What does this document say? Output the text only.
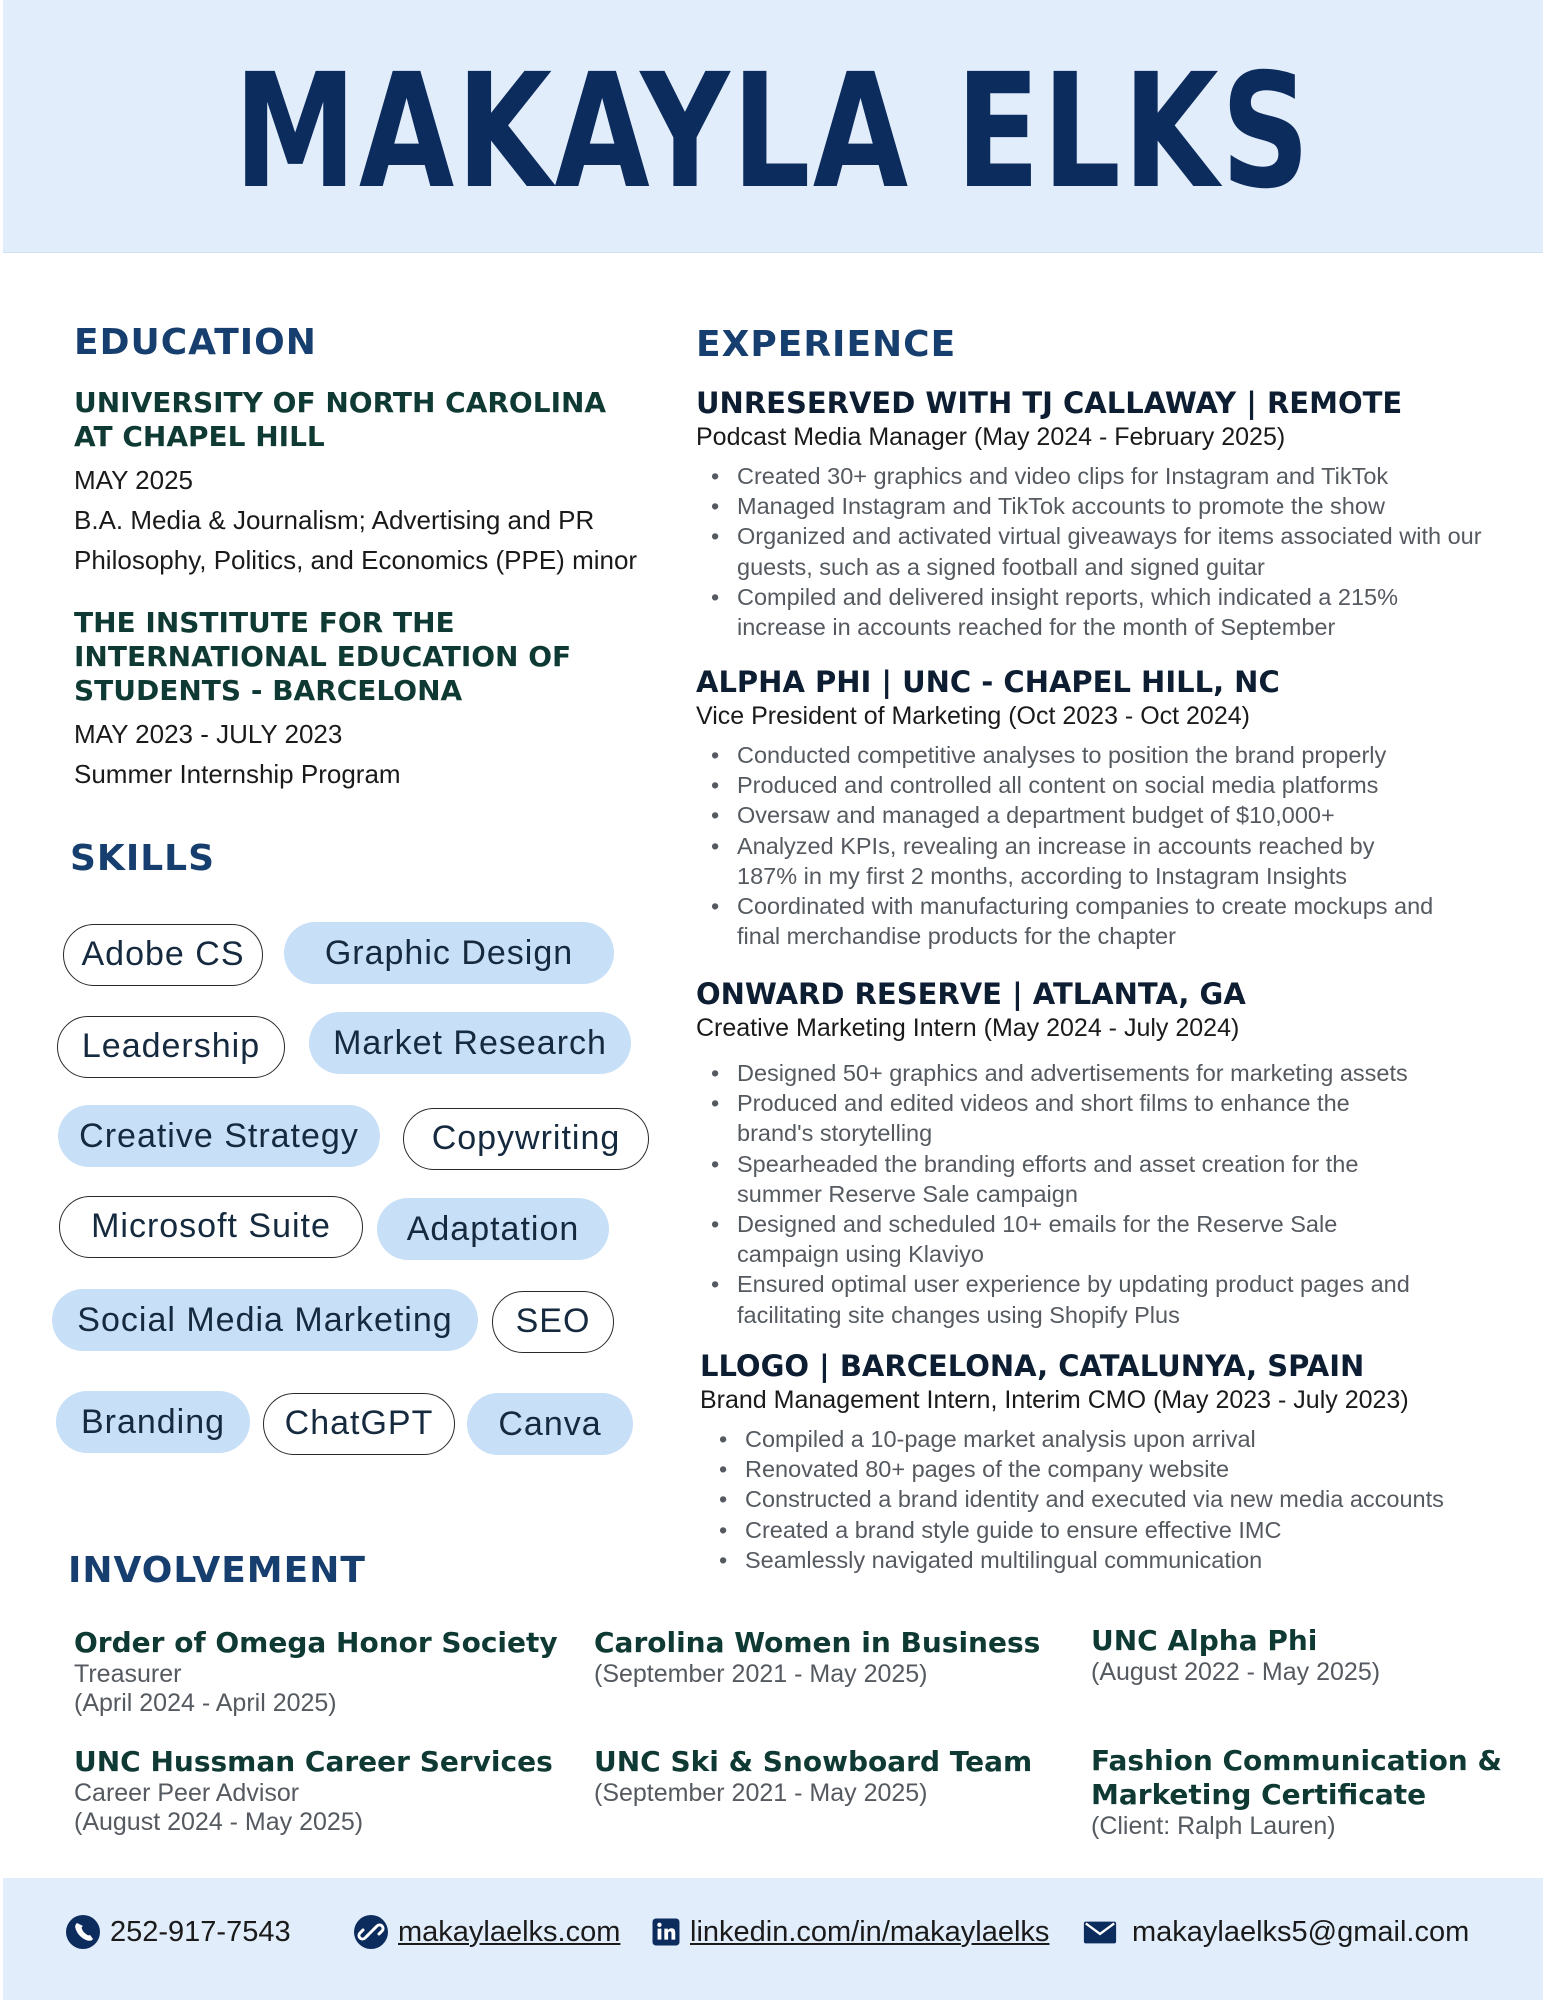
MAKAYLA ELKS
EDUCATION
UNIVERSITY OF NORTH CAROLINA AT CHAPEL HILL
MAY 2025
B.A. Media & Journalism; Advertising and PR
Philosophy, Politics, and Economics (PPE) minor
THE INSTITUTE FOR THE INTERNATIONAL EDUCATION OF STUDENTS - BARCELONA
MAY 2023 - JULY 2023
Summer Internship Program
SKILLS
Adobe CS	Graphic Design
Leadership	Market Research
Creative Strategy	Copywriting
Microsoft Suite	Adaptation
Social Media Marketing	SEO
Branding	ChatGPT	Canva
EXPERIENCE
UNRESERVED WITH TJ CALLAWAY | REMOTE
Podcast Media Manager (May 2024 - February 2025)
• Created 30+ graphics and video clips for Instagram and TikTok
• Managed Instagram and TikTok accounts to promote the show
• Organized and activated virtual giveaways for items associated with our guests, such as a signed football and signed guitar
• Compiled and delivered insight reports, which indicated a 215% increase in accounts reached for the month of September
ALPHA PHI | UNC - CHAPEL HILL, NC
Vice President of Marketing (Oct 2023 - Oct 2024)
• Conducted competitive analyses to position the brand properly
• Produced and controlled all content on social media platforms
• Oversaw and managed a department budget of $10,000+
• Analyzed KPIs, revealing an increase in accounts reached by 187% in my first 2 months, according to Instagram Insights
• Coordinated with manufacturing companies to create mockups and final merchandise products for the chapter
ONWARD RESERVE | ATLANTA, GA
Creative Marketing Intern (May 2024 - July 2024)
• Designed 50+ graphics and advertisements for marketing assets
• Produced and edited videos and short films to enhance the brand's storytelling
• Spearheaded the branding efforts and asset creation for the summer Reserve Sale campaign
• Designed and scheduled 10+ emails for the Reserve Sale campaign using Klaviyo
• Ensured optimal user experience by updating product pages and facilitating site changes using Shopify Plus
LLOGO | BARCELONA, CATALUNYA, SPAIN
Brand Management Intern, Interim CMO (May 2023 - July 2023)
• Compiled a 10-page market analysis upon arrival
• Renovated 80+ pages of the company website
• Constructed a brand identity and executed via new media accounts
• Created a brand style guide to ensure effective IMC
• Seamlessly navigated multilingual communication
INVOLVEMENT
Order of Omega Honor Society
Treasurer
(April 2024 - April 2025)
Carolina Women in Business
(September 2021 - May 2025)
UNC Alpha Phi
(August 2022 - May 2025)
UNC Hussman Career Services
Career Peer Advisor
(August 2024 - May 2025)
UNC Ski & Snowboard Team
(September 2021 - May 2025)
Fashion Communication & Marketing Certificate
(Client: Ralph Lauren)
252-917-7543	makaylaelks.com linkedin.com/in/makaylaelks	makaylaelks5@gmail.com
